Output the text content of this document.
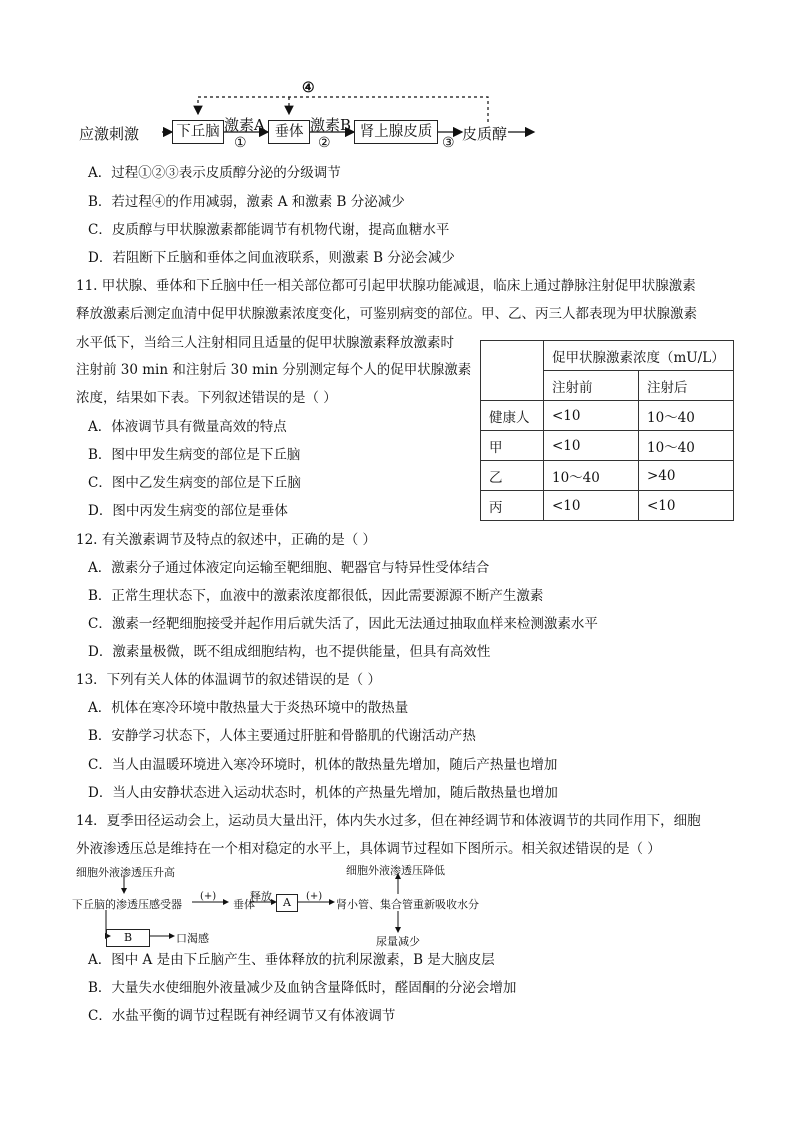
应激刺激	下丘脑 激素A
①
垂体 激素B
②
肾上腺皮质
③ 皮质醇
④
A．过程①②③表示皮质醇分泌的分级调节
B．若过程④的作用减弱，激素 A 和激素 B 分泌减少
C．皮质醇与甲状腺激素都能调节有机物代谢，提高血糖水平
D．若阻断下丘脑和垂体之间血液联系，则激素 B 分泌会减少
11. 甲状腺、垂体和下丘脑中任一相关部位都可引起甲状腺功能减退，临床上通过静脉注射促甲状腺激素
释放激素后测定血清中促甲状腺激素浓度变化，可鉴别病变的部位。甲、乙、丙三人都表现为甲状腺激素
水平低下，当给三人注射相同且适量的促甲状腺激素释放激素时
注射前 30 min 和注射后 30 min 分别测定每个人的促甲状腺激素
浓度，结果如下表。下列叙述错误的是（ ）
A．体液调节具有微量高效的特点
B．图中甲发生病变的部位是下丘脑
C．图中乙发生病变的部位是下丘脑
D．图中丙发生病变的部位是垂体
	促甲状腺激素浓度（mU/L）	
	注射前	注射后
健康人	<10	10～40
甲	<10	10～40
乙	10～40	>40
丙	<10	<10
12. 有关激素调节及特点的叙述中，正确的是（ ）
A．激素分子通过体液定向运输至靶细胞、靶器官与特异性受体结合
B．正常生理状态下，血液中的激素浓度都很低，因此需要源源不断产生激素
C．激素一经靶细胞接受并起作用后就失活了，因此无法通过抽取血样来检测激素水平
D．激素量极微，既不组成细胞结构，也不提供能量，但具有高效性
13．下列有关人体的体温调节的叙述错误的是（ ）
A．机体在寒冷环境中散热量大于炎热环境中的散热量
B．安静学习状态下，人体主要通过肝脏和骨骼肌的代谢活动产热
C．当人由温暖环境进入寒冷环境时，机体的散热量先增加，随后产热量也增加
D．当人由安静状态进入运动状态时，机体的产热量先增加，随后散热量也增加
14．夏季田径运动会上，运动员大量出汗，体内失水过多，但在神经调节和体液调节的共同作用下，细胞
外液渗透压总是维持在一个相对稳定的水平上，具体调节过程如下图所示。相关叙述错误的是（ ）
细胞外液渗透压升高
下丘脑的渗透压感受器
(+)
垂体
释放	A	(+)
肾小管、集合管重新吸收水分
细胞外液渗透压降低
尿量减少
B	口渴感
A．图中 A 是由下丘脑产生、垂体释放的抗利尿激素，B 是大脑皮层
B．大量失水使细胞外液量减少及血钠含量降低时，醛固酮的分泌会增加
C．水盐平衡的调节过程既有神经调节又有体液调节
